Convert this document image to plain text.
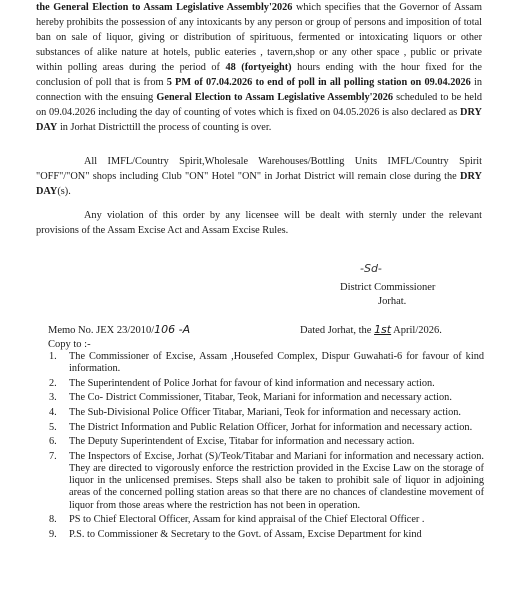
the General Election to Assam Legislative Assembly'2026 which specifies that the Governor of Assam hereby prohibits the possession of any intoxicants by any person or group of persons and imposition of total ban on sale of liquor, giving or distribution of spirituous, fermented or intoxicating liquors or other substances of alike nature at hotels, public eateries , tavern,shop or any other space , public or private within polling areas during the period of 48 (fortyeight) hours ending with the hour fixed for the conclusion of poll that is from 5 PM of 07.04.2026 to end of poll in all polling station on 09.04.2026 in connection with the ensuing General Election to Assam Legislative Assembly'2026 scheduled to be held on 09.04.2026 including the day of counting of votes which is fixed on 04.05.2026 is also declared as DRY DAY in Jorhat Districttill the process of counting is over.
All IMFL/Country Spirit,Wholesale Warehouses/Bottling Units IMFL/Country Spirit "OFF"/"ON" shops including Club "ON" Hotel "ON" in Jorhat District will remain close during the DRY DAY(s).
Any violation of this order by any licensee will be dealt with sternly under the relevant provisions of the Assam Excise Act and Assam Excise Rules.
-Sd-
District Commissioner
Jorhat.
Memo No. JEX 23/2010/106 -A	Dated Jorhat, the 1st April/2026.
Copy to :-
1. The Commissioner of Excise, Assam ,Housefed Complex, Dispur Guwahati-6 for favour of kind information.
2. The Superintendent of Police Jorhat for favour of kind information and necessary action.
3. The Co- District Commissioner, Titabar, Teok, Mariani for information and necessary action.
4. The Sub-Divisional Police Officer Titabar, Mariani, Teok for information and necessary action.
5. The District Information and Public Relation Officer, Jorhat for information and necessary action.
6. The Deputy Superintendent of Excise, Titabar for information and necessary action.
7. The Inspectors of Excise, Jorhat (S)/Teok/Titabar and Mariani for information and necessary action. They are directed to vigorously enforce the restriction provided in the Excise Law on the storage of liquor in the unlicensed premises. Steps shall also be taken to prohibit sale of liquor in adjoining areas of the concerned polling station areas so that there are no chances of clandestine movement of liquor from those areas where the restriction has not been in operation.
8. PS to Chief Electoral Officer, Assam for kind appraisal of the Chief Electoral Officer .
9. P.S. to Commissioner & Secretary to the Govt. of Assam, Excise Department for kind
